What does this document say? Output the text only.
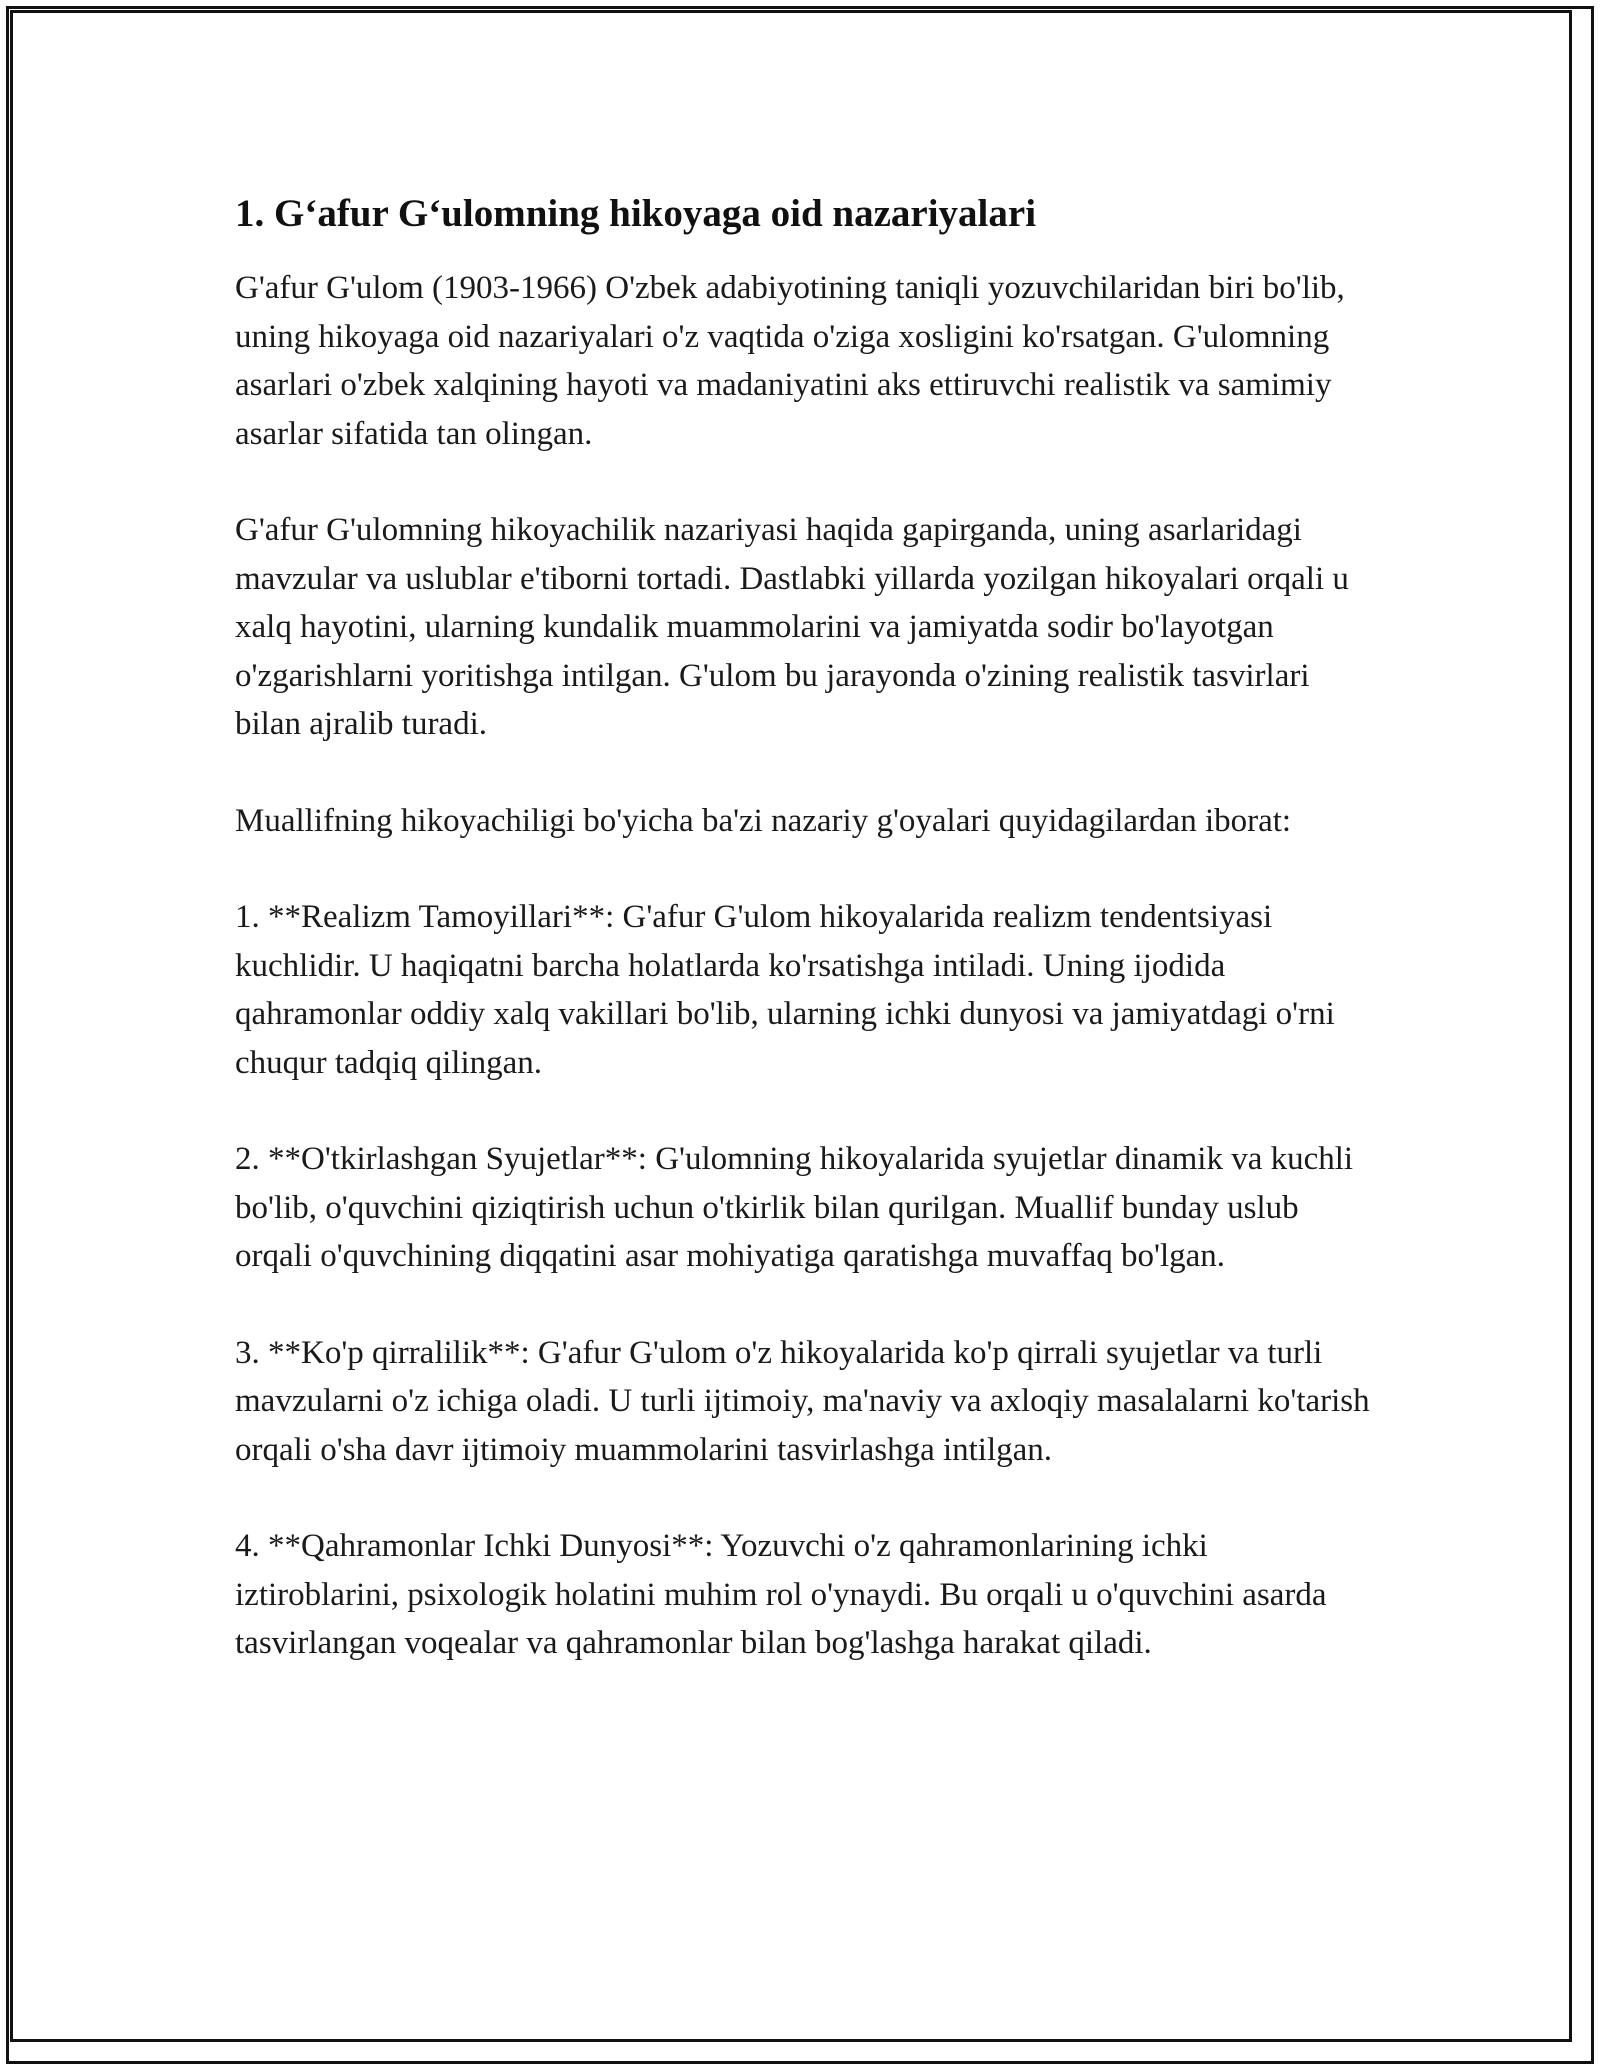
1. G‘afur G‘ulomning hikoyaga oid nazariyalari

G'afur G'ulom (1903-1966) O'zbek adabiyotining taniqli yozuvchilaridan biri bo'lib, uning hikoyaga oid nazariyalari o'z vaqtida o'ziga xosligini ko'rsatgan. G'ulomning asarlari o'zbek xalqining hayoti va madaniyatini aks ettiruvchi realistik va samimiy asarlar sifatida tan olingan.

G'afur G'ulomning hikoyachilik nazariyasi haqida gapirganda, uning asarlaridagi mavzular va uslublar e'tiborni tortadi. Dastlabki yillarda yozilgan hikoyalari orqali u xalq hayotini, ularning kundalik muammolarini va jamiyatda sodir bo'layotgan o'zgarishlarni yoritishga intilgan. G'ulom bu jarayonda o'zining realistik tasvirlari bilan ajralib turadi.

Muallifning hikoyachiligi bo'yicha ba'zi nazariy g'oyalari quyidagilardan iborat:

1. **Realizm Tamoyillari**: G'afur G'ulom hikoyalarida realizm tendentsiyasi kuchlidir. U haqiqatni barcha holatlarda ko'rsatishga intiladi. Uning ijodida qahramonlar oddiy xalq vakillari bo'lib, ularning ichki dunyosi va jamiyatdagi o'rni chuqur tadqiq qilingan.

2. **O'tkirlashgan Syujetlar**: G'ulomning hikoyalarida syujetlar dinamik va kuchli bo'lib, o'quvchini qiziqtirish uchun o'tkirlik bilan qurilgan. Muallif bunday uslub orqali o'quvchining diqqatini asar mohiyatiga qaratishga muvaffaq bo'lgan.

3. **Ko'p qirralilik**: G'afur G'ulom o'z hikoyalarida ko'p qirrali syujetlar va turli mavzularni o'z ichiga oladi. U turli ijtimoiy, ma'naviy va axloqiy masalalarni ko'tarish orqali o'sha davr ijtimoiy muammolarini tasvirlashga intilgan.

4. **Qahramonlar Ichki Dunyosi**: Yozuvchi o'z qahramonlarining ichki iztiroblarini, psixologik holatini muhim rol o'ynaydi. Bu orqali u o'quvchini asarda tasvirlangan voqealar va qahramonlar bilan bog'lashga harakat qiladi.
